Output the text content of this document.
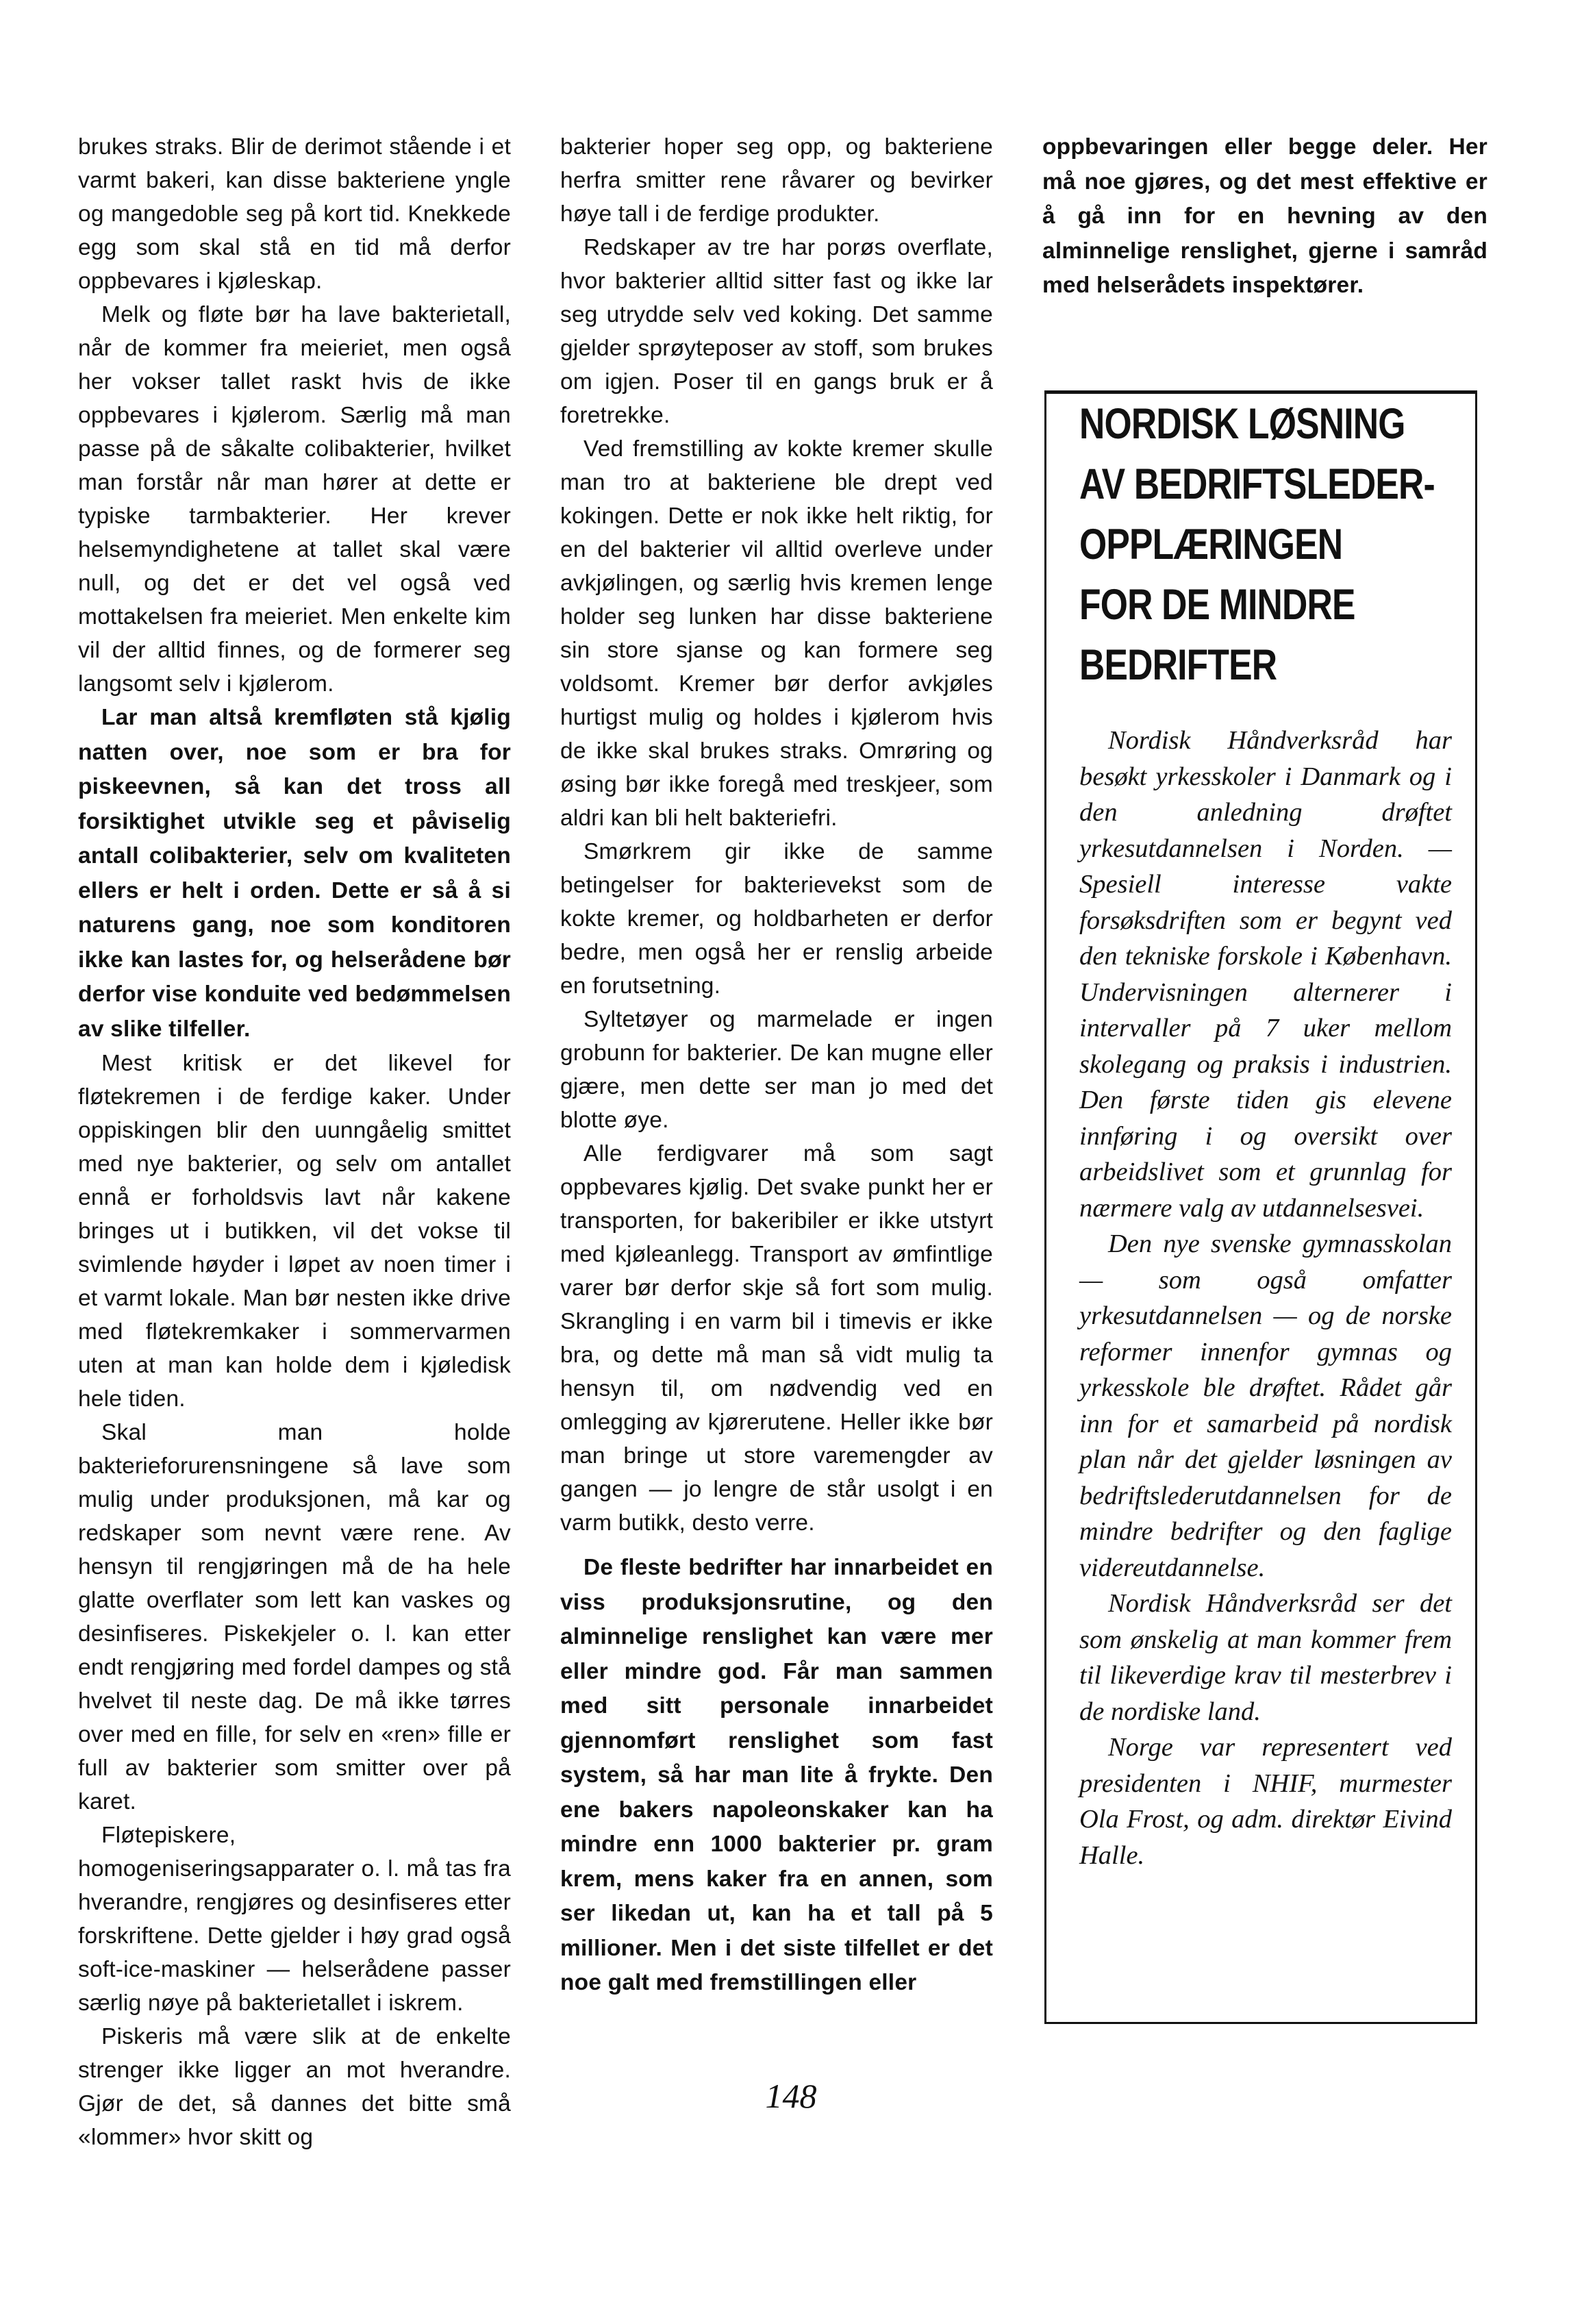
brukes straks. Blir de derimot stående i et varmt bakeri, kan disse bakteriene yngle og mangedoble seg på kort tid. Knekkede egg som skal stå en tid må derfor oppbevares i kjøleskap.

Melk og fløte bør ha lave bakterietall, når de kommer fra meieriet, men også her vokser tallet raskt hvis de ikke oppbevares i kjølerom. Særlig må man passe på de såkalte colibakterier, hvilket man forstår når man hører at dette er typiske tarmbakterier. Her krever helsemyndighetene at tallet skal være null, og det er det vel også ved mottakelsen fra meieriet. Men enkelte kim vil der alltid finnes, og de formerer seg langsomt selv i kjølerom.

Lar man altså kremfløten stå kjølig natten over, noe som er bra for piskeevnen, så kan det tross all forsiktighet utvikle seg et påviselig antall colibakterier, selv om kvaliteten ellers er helt i orden. Dette er så å si naturens gang, noe som konditoren ikke kan lastes for, og helserådene bør derfor vise konduite ved bedømmelsen av slike tilfeller.

Mest kritisk er det likevel for fløtekremen i de ferdige kaker. Under oppiskingen blir den uunngåelig smittet med nye bakterier, og selv om antallet ennå er forholdsvis lavt når kakene bringes ut i butikken, vil det vokse til svimlende høyder i løpet av noen timer i et varmt lokale. Man bør nesten ikke drive med fløtekremkaker i sommervarmen uten at man kan holde dem i kjøledisk hele tiden.

Skal man holde bakterieforurensningene så lave som mulig under produksjonen, må kar og redskaper som nevnt være rene. Av hensyn til rengjøringen må de ha hele glatte overflater som lett kan vaskes og desinfiseres. Piskekjeler o. l. kan etter endt rengjøring med fordel dampes og stå hvelvet til neste dag. De må ikke tørres over med en fille, for selv en «ren» fille er full av bakterier som smitter over på karet.

Fløtepiskere, homogeniseringsapparater o. l. må tas fra hverandre, rengjøres og desinfiseres etter forskriftene. Dette gjelder i høy grad også soft-ice-maskiner — helserådene passer særlig nøye på bakterietallet i iskrem.

Piskeris må være slik at de enkelte strenger ikke ligger an mot hverandre. Gjør de det, så dannes det bitte små «lommer» hvor skitt og

bakterier hoper seg opp, og bakteriene herfra smitter rene råvarer og bevirker høye tall i de ferdige produkter.

Redskaper av tre har porøs overflate, hvor bakterier alltid sitter fast og ikke lar seg utrydde selv ved koking. Det samme gjelder sprøyteposer av stoff, som brukes om igjen. Poser til en gangs bruk er å foretrekke.

Ved fremstilling av kokte kremer skulle man tro at bakteriene ble drept ved kokingen. Dette er nok ikke helt riktig, for en del bakterier vil alltid overleve under avkjølingen, og særlig hvis kremen lenge holder seg lunken har disse bakteriene sin store sjanse og kan formere seg voldsomt. Kremer bør derfor avkjøles hurtigst mulig og holdes i kjølerom hvis de ikke skal brukes straks. Omrøring og øsing bør ikke foregå med treskjeer, som aldri kan bli helt bakteriefri.

Smørkrem gir ikke de samme betingelser for bakterievekst som de kokte kremer, og holdbarheten er derfor bedre, men også her er renslig arbeide en forutsetning.

Syltetøyer og marmelade er ingen grobunn for bakterier. De kan mugne eller gjære, men dette ser man jo med det blotte øye.

Alle ferdigvarer må som sagt oppbevares kjølig. Det svake punkt her er transporten, for bakeribiler er ikke utstyrt med kjøleanlegg. Transport av ømfintlige varer bør derfor skje så fort som mulig. Skrangling i en varm bil i timevis er ikke bra, og dette må man så vidt mulig ta hensyn til, om nødvendig ved en omlegging av kjørerutene. Heller ikke bør man bringe ut store varemengder av gangen — jo lengre de står usolgt i en varm butikk, desto verre.

De fleste bedrifter har innarbeidet en viss produksjonsrutine, og den alminnelige renslighet kan være mer eller mindre god. Får man sammen med sitt personale innarbeidet gjennomført renslighet som fast system, så har man lite å frykte. Den ene bakers napoleonskaker kan ha mindre enn 1000 bakterier pr. gram krem, mens kaker fra en annen, som ser likedan ut, kan ha et tall på 5 millioner. Men i det siste tilfellet er det noe galt med fremstillingen eller

oppbevaringen eller begge deler. Her må noe gjøres, og det mest effektive er å gå inn for en hevning av den alminnelige renslighet, gjerne i samråd med helserådets inspektører.

NORDISK LØSNING
AV BEDRIFTSLEDER-
OPPLÆRINGEN
FOR DE MINDRE
BEDRIFTER

Nordisk Håndverksråd har besøkt yrkesskoler i Danmark og i den anledning drøftet yrkesutdannelsen i Norden. — Spesiell interesse vakte forsøksdriften som er begynt ved den tekniske forskole i København. Undervisningen alternerer i intervaller på 7 uker mellom skolegang og praksis i industrien. Den første tiden gis elevene innføring i og oversikt over arbeidslivet som et grunnlag for nærmere valg av utdannelsesvei.

Den nye svenske gymnasskolan — som også omfatter yrkesutdannelsen — og de norske reformer innenfor gymnas og yrkesskole ble drøftet. Rådet går inn for et samarbeid på nordisk plan når det gjelder løsningen av bedriftslederutdannelsen for de mindre bedrifter og den faglige videreutdannelse.

Nordisk Håndverksråd ser det som ønskelig at man kommer frem til likeverdige krav til mesterbrev i de nordiske land.

Norge var representert ved presidenten i NHIF, murmester Ola Frost, og adm. direktør Eivind Halle.

148
